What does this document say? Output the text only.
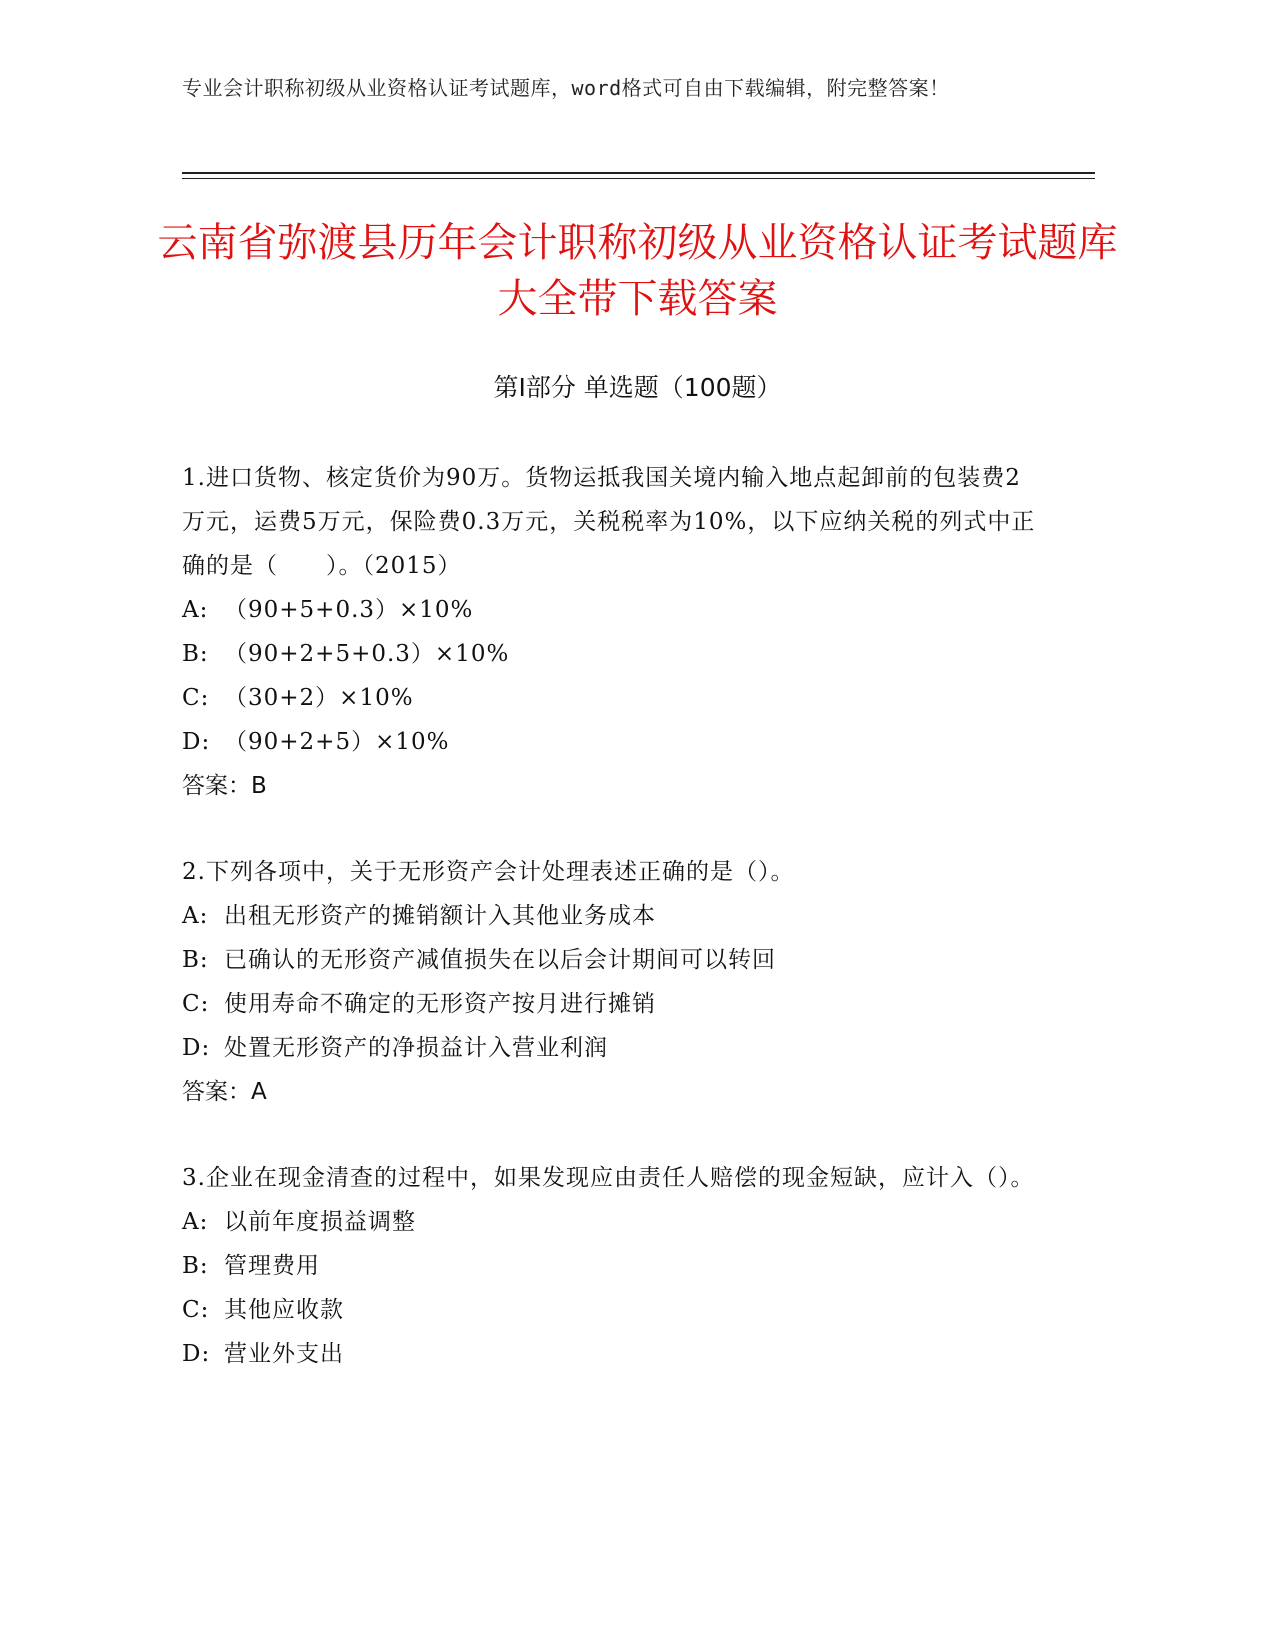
专业会计职称初级从业资格认证考试题库，word格式可自由下载编辑，附完整答案！
云南省弥渡县历年会计职称初级从业资格认证考试题库大全带下载答案
第Ⅰ部分 单选题（100题）
1.进口货物、核定货价为90万。货物运抵我国关境内输入地点起卸前的包装费2万元，运费5万元，保险费0.3万元，关税税率为10%，以下应纳关税的列式中正确的是（　　）。（2015）
A: （90+5+0.3）×10%
B: （90+2+5+0.3）×10%
C: （30+2）×10%
D: （90+2+5）×10%
答案：B
2.下列各项中，关于无形资产会计处理表述正确的是（）。
A: 出租无形资产的摊销额计入其他业务成本
B: 已确认的无形资产减值损失在以后会计期间可以转回
C: 使用寿命不确定的无形资产按月进行摊销
D: 处置无形资产的净损益计入营业利润
答案：A
3.企业在现金清查的过程中，如果发现应由责任人赔偿的现金短缺，应计入（）。
A: 以前年度损益调整
B: 管理费用
C: 其他应收款
D: 营业外支出
